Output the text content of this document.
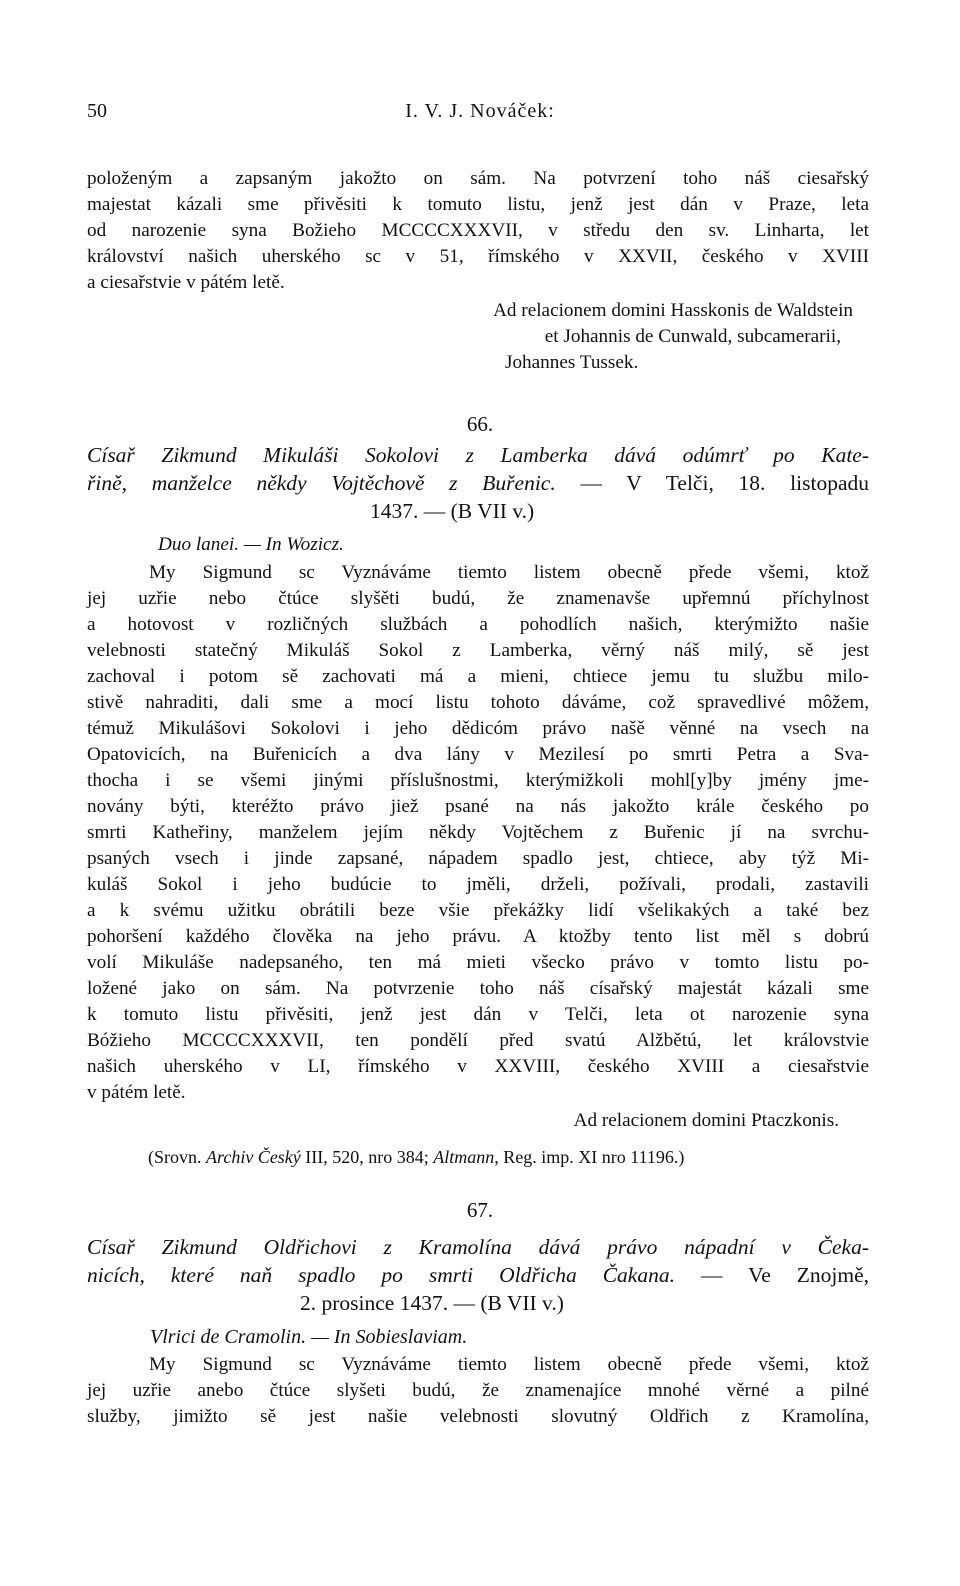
50	I. V. J. Nováček:
položeným a zapsaným jakožto on sám. Na potvrzení toho náš ciesařský
majestat kázali sme přivěsiti k tomuto listu, jenž jest dán v Praze, leta
od narozenie syna Božieho MCCCCXXXVII, v středu den sv. Linharta, let
království našich uherského sc v 51, římského v XXVII, českého v XVIII
a ciesařstvie v pátém letě.
Ad relacionem domini Hasskonis de Waldstein
et Johannis de Cunwald, subcamerarii,
Johannes Tussek.
66.
Císař Zikmund Mikuláši Sokolovi z Lamberka dává odúmrť po Kate-
řině, manželce někdy Vojtěchově z Buřenic. — V Telči, 18. listopadu
1437. — (B VII v.)
Duo lanei. — In Wozicz.
My Sigmund sc Vyznáváme tiemto listem obecně přede všemi, ktož
jej uzřie nebo čtúce slyšěti budú, že znamenavše upřemnú příchylnost
a hotovost v rozličných službách a pohodlích našich, kterýmižto našie
velebnosti statečný Mikuláš Sokol z Lamberka, věrný náš milý, sě jest
zachoval i potom sě zachovati má a mieni, chtiece jemu tu službu milo-
stivě nahraditi, dali sme a mocí listu tohoto dáváme, což spravedlivé môžem,
témuž Mikulášovi Sokolovi i jeho dědicóm právo našě věnné na vsech na
Opatovicích, na Buřenicích a dva lány v Mezilesí po smrti Petra a Sva-
thocha i se všemi jinými příslušnostmi, kterýmižkoli mohl[y]by jmény jme-
novány býti, kteréžto právo jiež psané na nás jakožto krále českého po
smrti Katheřiny, manželem jejím někdy Vojtěchem z Buřenic jí na svrchu-
psaných vsech i jinde zapsané, nápadem spadlo jest, chtiece, aby týž Mi-
kuláš Sokol i jeho budúcie to jměli, drželi, požívali, prodali, zastavili
a k svému užitku obrátili beze všie překážky lidí všelikakých a také bez
pohoršení každého člověka na jeho právu. A ktožby tento list měl s dobrú
volí Mikuláše nadepsaného, ten má mieti všecko právo v tomto listu po-
ložené jako on sám. Na potvrzenie toho náš císařský majestát kázali sme
k tomuto listu přivěsiti, jenž jest dán v Telči, leta ot narozenie syna
Bóžieho MCCCCXXXVII, ten pondělí před svatú Alžbětú, let královstvie
našich uherského v LI, římského v XXVIII, českého XVIII a ciesařstvie
v pátém letě.
Ad relacionem domini Ptaczkonis.
(Srovn. Archiv Český III, 520, nro 384; Altmann, Reg. imp. XI nro 11196.)
67.
Císař Zikmund Oldřichovi z Kramolína dává právo nápadní v Čeka-
nicích, které naň spadlo po smrti Oldřicha Čakana. — Ve Znojmě,
2. prosince 1437. — (B VII v.)
Vlrici de Cramolin. — In Sobieslaviam.
My Sigmund sc Vyznáváme tiemto listem obecně přede všemi, ktož
jej uzřie anebo čtúce slyšeti budú, že znamenajíce mnohé věrné a pilné
služby, jimižto sě jest našie velebnosti slovutný Oldřich z Kramolína,
